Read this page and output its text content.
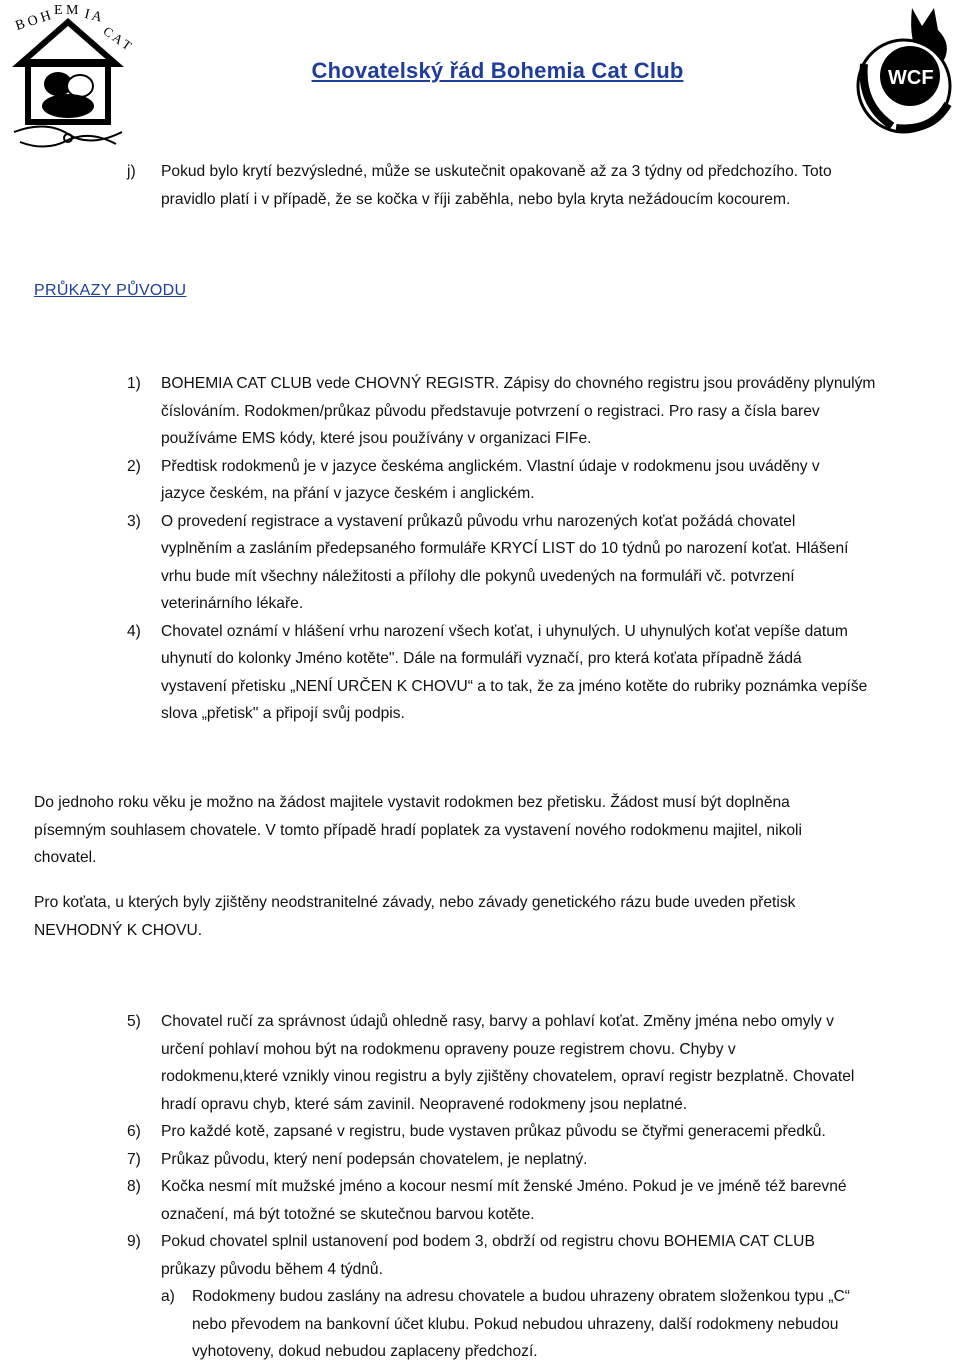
B O H E M I A
C A T
Chovatelský řád Bohemia Cat Club	WCF
j) Pokud bylo krytí bezvýsledné, může se uskutečnit opakovaně až za 3 týdny od předchozího. Toto
pravidlo platí i v případě, že se kočka v říji zaběhla, nebo byla kryta nežádoucím kocourem.
PRŮKAZY PŮVODU
1) BOHEMIA CAT CLUB vede CHOVNÝ REGISTR. Zápisy do chovného registru jsou prováděny plynulým
číslováním. Rodokmen/průkaz původu představuje potvrzení o registraci. Pro rasy a čísla barev
používáme EMS kódy, které jsou používány v organizaci FIFe.
2) Předtisk rodokmenů je v jazyce českéma anglickém. Vlastní údaje v rodokmenu jsou uváděny v
jazyce českém, na přání v jazyce českém i anglickém.
3) O provedení registrace a vystavení průkazů původu vrhu narozených koťat požádá chovatel
vyplněním a zasláním předepsaného formuláře KRYCÍ LIST do 10 týdnů po narození koťat. Hlášení
vrhu bude mít všechny náležitosti a přílohy dle pokynů uvedených na formuláři vč. potvrzení
veterinárního lékaře.
4) Chovatel oznámí v hlášení vrhu narození všech koťat, i uhynulých. U uhynulých koťat vepíše datum
uhynutí do kolonky Jméno kotěte". Dále na formuláři vyznačí, pro která koťata případně žádá
vystavení přetisku „NENÍ URČEN K CHOVU“ a to tak, že za jméno kotěte do rubriky poznámka vepíše
slova „přetisk" a připojí svůj podpis.
Do jednoho roku věku je možno na žádost majitele vystavit rodokmen bez přetisku. Žádost musí být doplněna
písemným souhlasem chovatele. V tomto případě hradí poplatek za vystavení nového rodokmenu majitel, nikoli
chovatel.
Pro koťata, u kterých byly zjištěny neodstranitelné závady, nebo závady genetického rázu bude uveden přetisk
NEVHODNÝ K CHOVU.
5) Chovatel ručí za správnost údajů ohledně rasy, barvy a pohlaví koťat. Změny jména nebo omyly v
určení pohlaví mohou být na rodokmenu opraveny pouze registrem chovu. Chyby v
rodokmenu,které vznikly vinou registru a byly zjištěny chovatelem, opraví registr bezplatně. Chovatel
hradí opravu chyb, které sám zavinil. Neopravené rodokmeny jsou neplatné.
6) Pro každé kotě, zapsané v registru, bude vystaven průkaz původu se čtyřmi generacemi předků.
7) Průkaz původu, který není podepsán chovatelem, je neplatný.
8) Kočka nesmí mít mužské jméno a kocour nesmí mít ženské Jméno. Pokud je ve jméně též barevné
označení, má být totožné se skutečnou barvou kotěte.
9) Pokud chovatel splnil ustanovení pod bodem 3, obdrží od registru chovu BOHEMIA CAT CLUB
průkazy původu během 4 týdnů.
a) Rodokmeny budou zaslány na adresu chovatele a budou uhrazeny obratem složenkou typu „C“
nebo převodem na bankovní účet klubu. Pokud nebudou uhrazeny, další rodokmeny nebudou
vyhotoveny, dokud nebudou zaplaceny předchozí.
